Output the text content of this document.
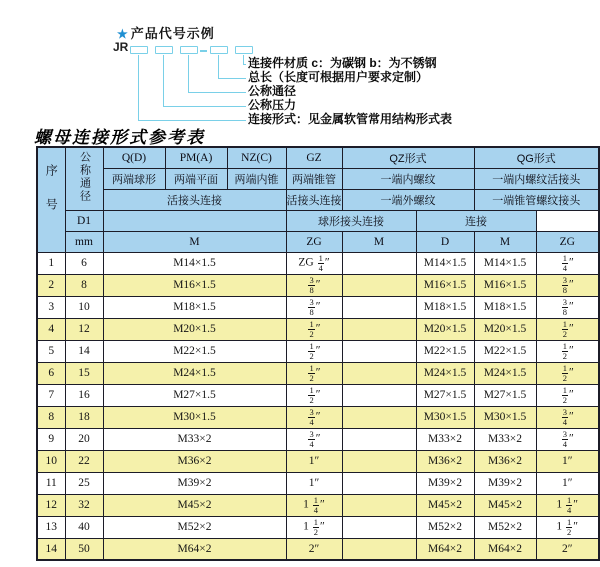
★ 产品代号示例
JR
连接件材质 c：为碳钢 b：为不锈钢
总长（长度可根据用户要求定制）
公称通径
公称压力
连接形式：见金属软管常用结构形式表
螺母连接形式参考表
序号	公称通径	Q(D)	PM(A)	NZ(C)	GZ	QZ形式		QG形式	
		两端球形	两端平面	两端内锥	两端锥管	一端内螺纹		一端内螺纹活接头	
		活接头连接			活接头连接	一端外螺纹		一端锥管螺纹接头	
	D1				球形接头连接		连接		
	mm	M			ZG	M	D	M	ZG
1	6	M14×1.5			ZG $\frac{1}{4}$ ″		M14×1.5	M14×1.5	$\frac{1}{4}$ ″
2	8	M16×1.5			$\frac{3}{8}$ ″		M16×1.5	M16×1.5	$\frac{3}{8}$ ″
3	10	M18×1.5			$\frac{3}{8}$ ″		M18×1.5	M18×1.5	$\frac{3}{8}$ ″
4	12	M20×1.5			$\frac{1}{2}$ ″		M20×1.5	M20×1.5	$\frac{1}{2}$ ″
5	14	M22×1.5			$\frac{1}{2}$ ″		M22×1.5	M22×1.5	$\frac{1}{2}$ ″
6	15	M24×1.5			$\frac{1}{2}$ ″		M24×1.5	M24×1.5	$\frac{1}{2}$ ″
7	16	M27×1.5			$\frac{1}{2}$ ″		M27×1.5	M27×1.5	$\frac{1}{2}$ ″
8	18	M30×1.5			$\frac{3}{4}$ ″		M30×1.5	M30×1.5	$\frac{3}{4}$ ″
9	20	M33×2			$\frac{3}{4}$ ″		M33×2	M33×2	$\frac{3}{4}$ ″
10	22	M36×2			1″		M36×2	M36×2	1″
11	25	M39×2			1″		M39×2	M39×2	1″
12	32	M45×2			$1 \frac{1}{4}$ ″		M45×2	M45×2	$1 \frac{1}{4}$ ″
13	40	M52×2			$1 \frac{1}{2}$ ″		M52×2	M52×2	$1 \frac{1}{2}$ ″
14	50	M64×2			2″		M64×2	M64×2	2″
